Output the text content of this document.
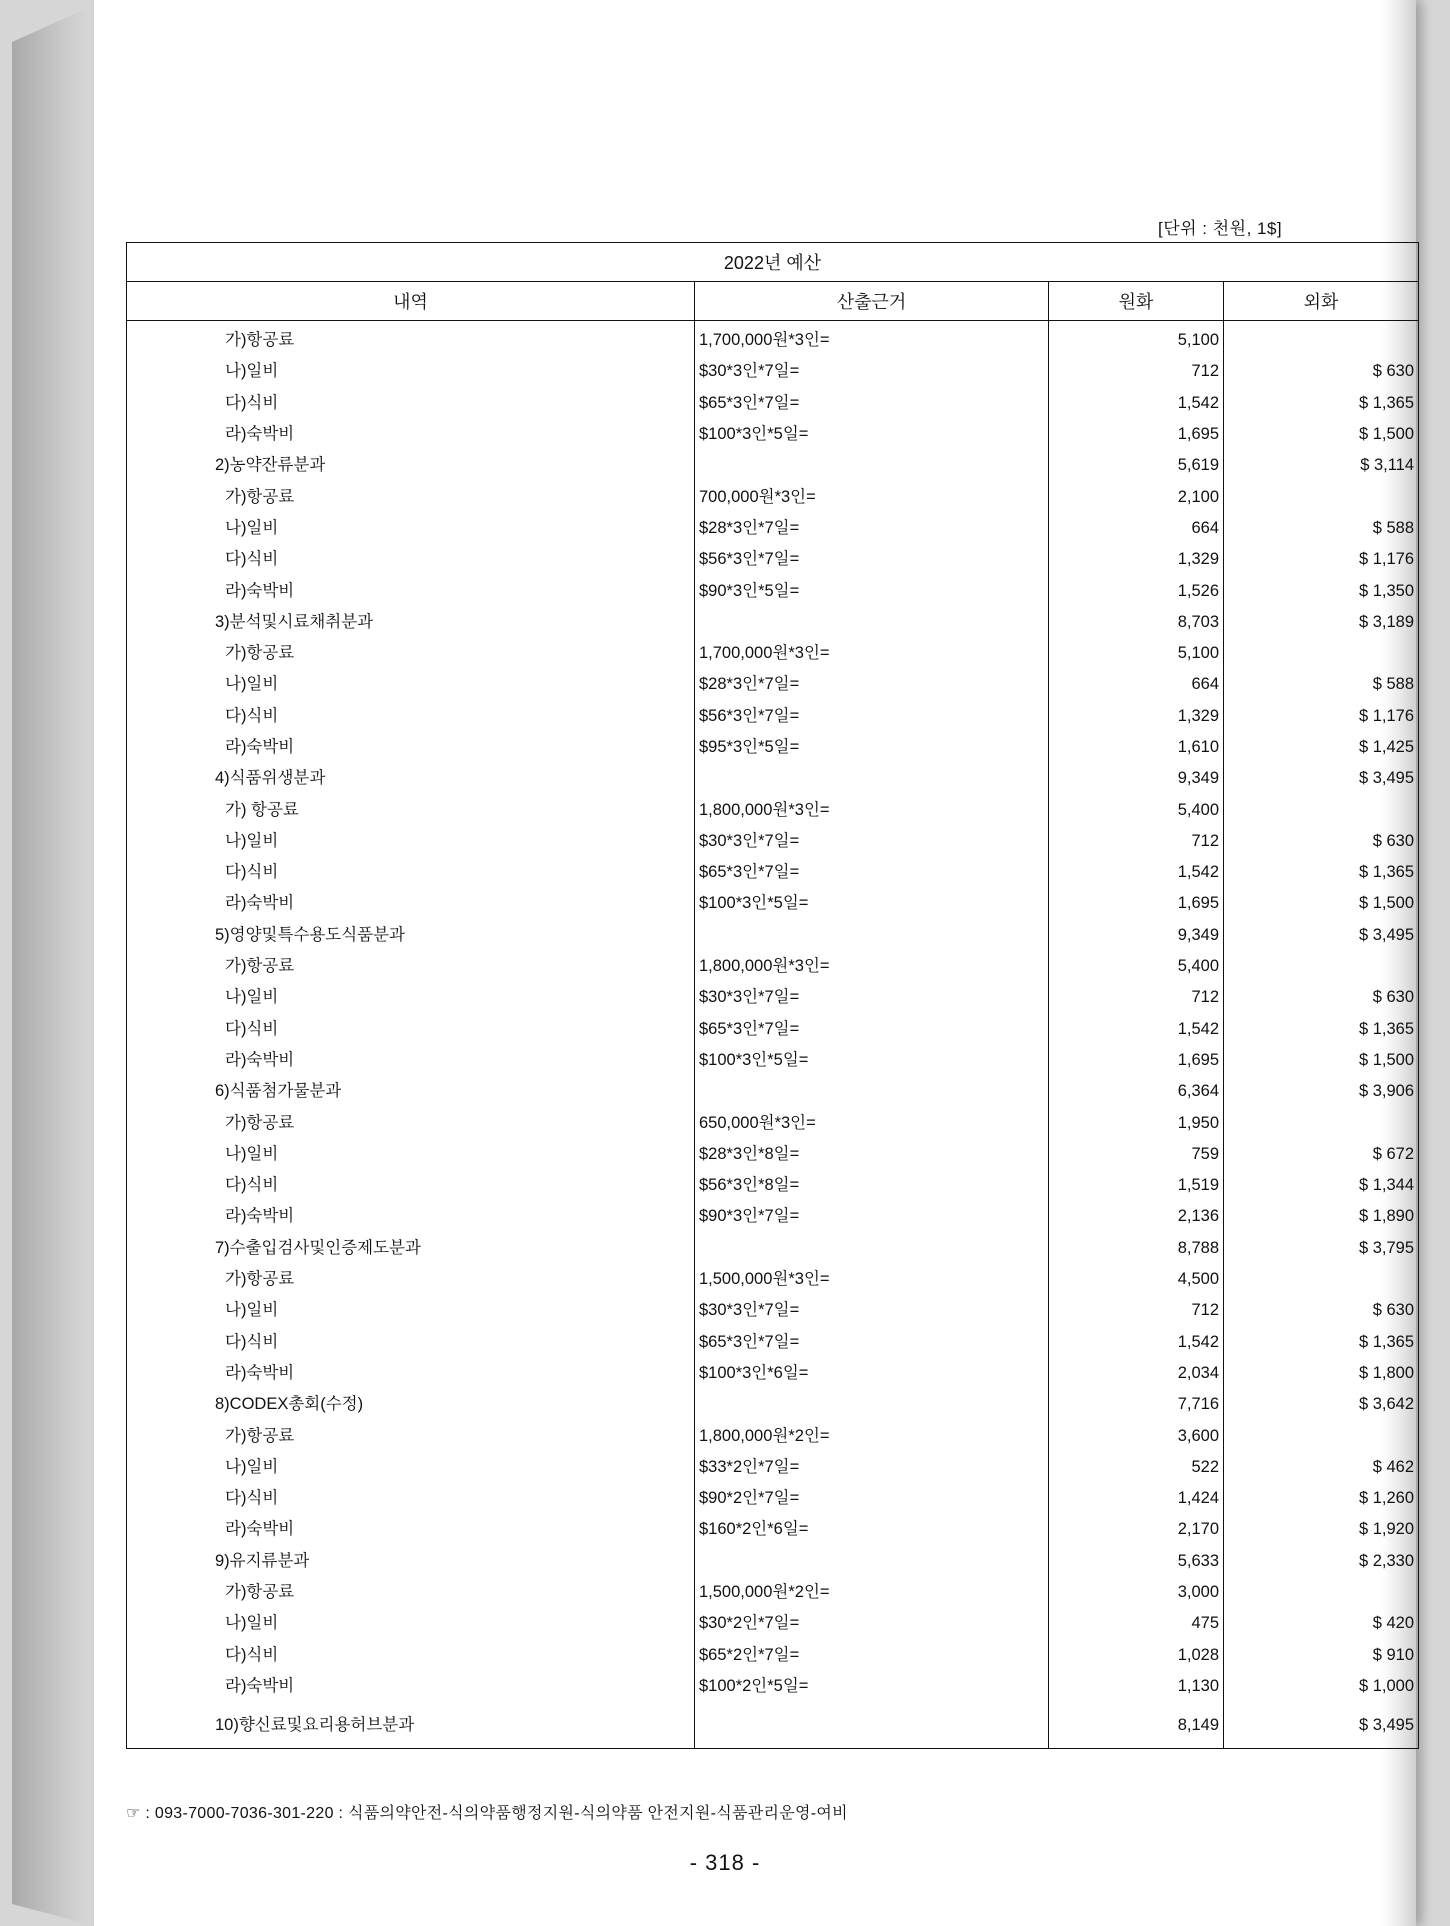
[단위 : 천원, 1$]
2022년 예산			
내역	산출근거	원화	외화
가)항공료	1,700,000원*3인=	5,100	
나)일비	$30*3인*7일=	712	$ 630
다)식비	$65*3인*7일=	1,542	$ 1,365
라)숙박비	$100*3인*5일=	1,695	$ 1,500
2)농약잔류분과		5,619	$ 3,114
가)항공료	700,000원*3인=	2,100	
나)일비	$28*3인*7일=	664	$ 588
다)식비	$56*3인*7일=	1,329	$ 1,176
라)숙박비	$90*3인*5일=	1,526	$ 1,350
3)분석및시료채취분과		8,703	$ 3,189
가)항공료	1,700,000원*3인=	5,100	
나)일비	$28*3인*7일=	664	$ 588
다)식비	$56*3인*7일=	1,329	$ 1,176
라)숙박비	$95*3인*5일=	1,610	$ 1,425
4)식품위생분과		9,349	$ 3,495
가) 항공료	1,800,000원*3인=	5,400	
나)일비	$30*3인*7일=	712	$ 630
다)식비	$65*3인*7일=	1,542	$ 1,365
라)숙박비	$100*3인*5일=	1,695	$ 1,500
5)영양및특수용도식품분과		9,349	$ 3,495
가)항공료	1,800,000원*3인=	5,400	
나)일비	$30*3인*7일=	712	$ 630
다)식비	$65*3인*7일=	1,542	$ 1,365
라)숙박비	$100*3인*5일=	1,695	$ 1,500
6)식품첨가물분과		6,364	$ 3,906
가)항공료	650,000원*3인=	1,950	
나)일비	$28*3인*8일=	759	$ 672
다)식비	$56*3인*8일=	1,519	$ 1,344
라)숙박비	$90*3인*7일=	2,136	$ 1,890
7)수출입검사및인증제도분과		8,788	$ 3,795
가)항공료	1,500,000원*3인=	4,500	
나)일비	$30*3인*7일=	712	$ 630
다)식비	$65*3인*7일=	1,542	$ 1,365
라)숙박비	$100*3인*6일=	2,034	$ 1,800
8)CODEX총회(수정)		7,716	$ 3,642
가)항공료	1,800,000원*2인=	3,600	
나)일비	$33*2인*7일=	522	$ 462
다)식비	$90*2인*7일=	1,424	$ 1,260
라)숙박비	$160*2인*6일=	2,170	$ 1,920
9)유지류분과		5,633	$ 2,330
가)항공료	1,500,000원*2인=	3,000	
나)일비	$30*2인*7일=	475	$ 420
다)식비	$65*2인*7일=	1,028	$ 910
라)숙박비	$100*2인*5일=	1,130	$ 1,000
10)향신료및요리용허브분과		8,149	$ 3,495
☞ : 093-7000-7036-301-220 : 식품의약안전-식의약품행정지원-식의약품 안전지원-식품관리운영-여비
- 318 -
